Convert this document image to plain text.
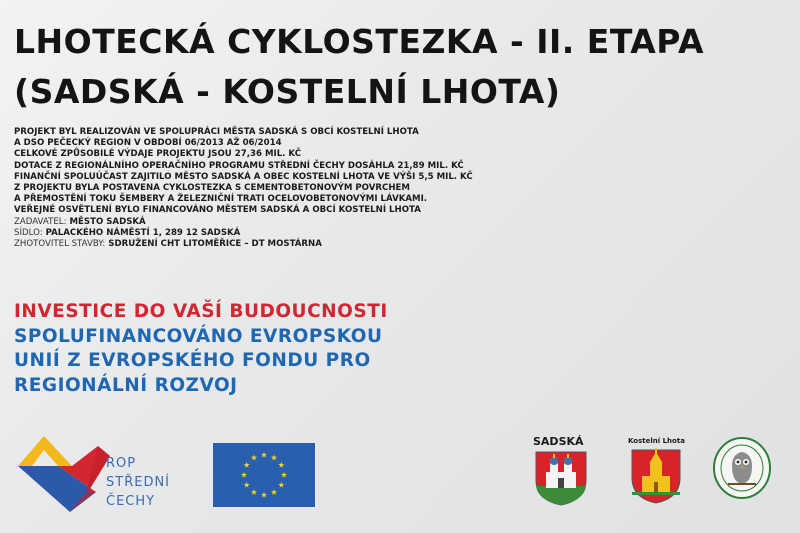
LHOTECKÁ CYKLOSTEZKA - II. ETAPA
(SADSKÁ - KOSTELNÍ LHOTA)
PROJEKT BYL REALIZOVÁN VE SPOLUPRÁCI MĚSTA SADSKÁ S OBCÍ KOSTELNÍ LHOTA
A DSO PEČECKÝ REGION V OBDOBÍ 06/2013 AŽ 06/2014
CELKOVÉ ZPŮSOBILÉ VÝDAJE PROJEKTU JSOU 27,36 MIL. KČ
DOTACE Z REGIONÁLNÍHO OPERAČNÍHO PROGRAMU STŘEDNÍ ČECHY DOSÁHLA 21,89 MIL. KČ
FINANČNÍ SPOLUÚČAST ZAJITILO MĚSTO SADSKÁ A OBEC KOSTELNÍ LHOTA VE VÝŠI 5,5 MIL. KČ
Z PROJEKTU BYLA POSTAVENA CYKLOSTEZKA S CEMENTOBETONOVÝM POVRCHEM
A PŘEMOSTĚNÍ TOKU ŠEMBERY A ŽELEZNIČNÍ TRATI OCELOVOBETONOVÝMI LÁVKAMI.
VEŘEJNÉ OSVĚTLENÍ BYLO FINANCOVÁNO MĚSTEM SADSKÁ A OBCÍ KOSTELNÍ LHOTA
ZADAVATEL: MĚSTO SADSKÁ
SÍDLO: PALACKÉHO NÁMĚSTÍ 1, 289 12 SADSKÁ
ZHOTOVITEL STAVBY: SDRUŽENÍ CHT LITOMĚŘICE – DT MOSTÁRNA
INVESTICE DO VAŠÍ BUDOUCNOSTI
SPOLUFINANCOVÁNO EVROPSKOU
UNIÍ Z EVROPSKÉHO FONDU PRO
REGIONÁLNÍ ROZVOJ
ROP
STŘEDNÍ
ČECHY
SADSKÁ	Kostelní Lhota
